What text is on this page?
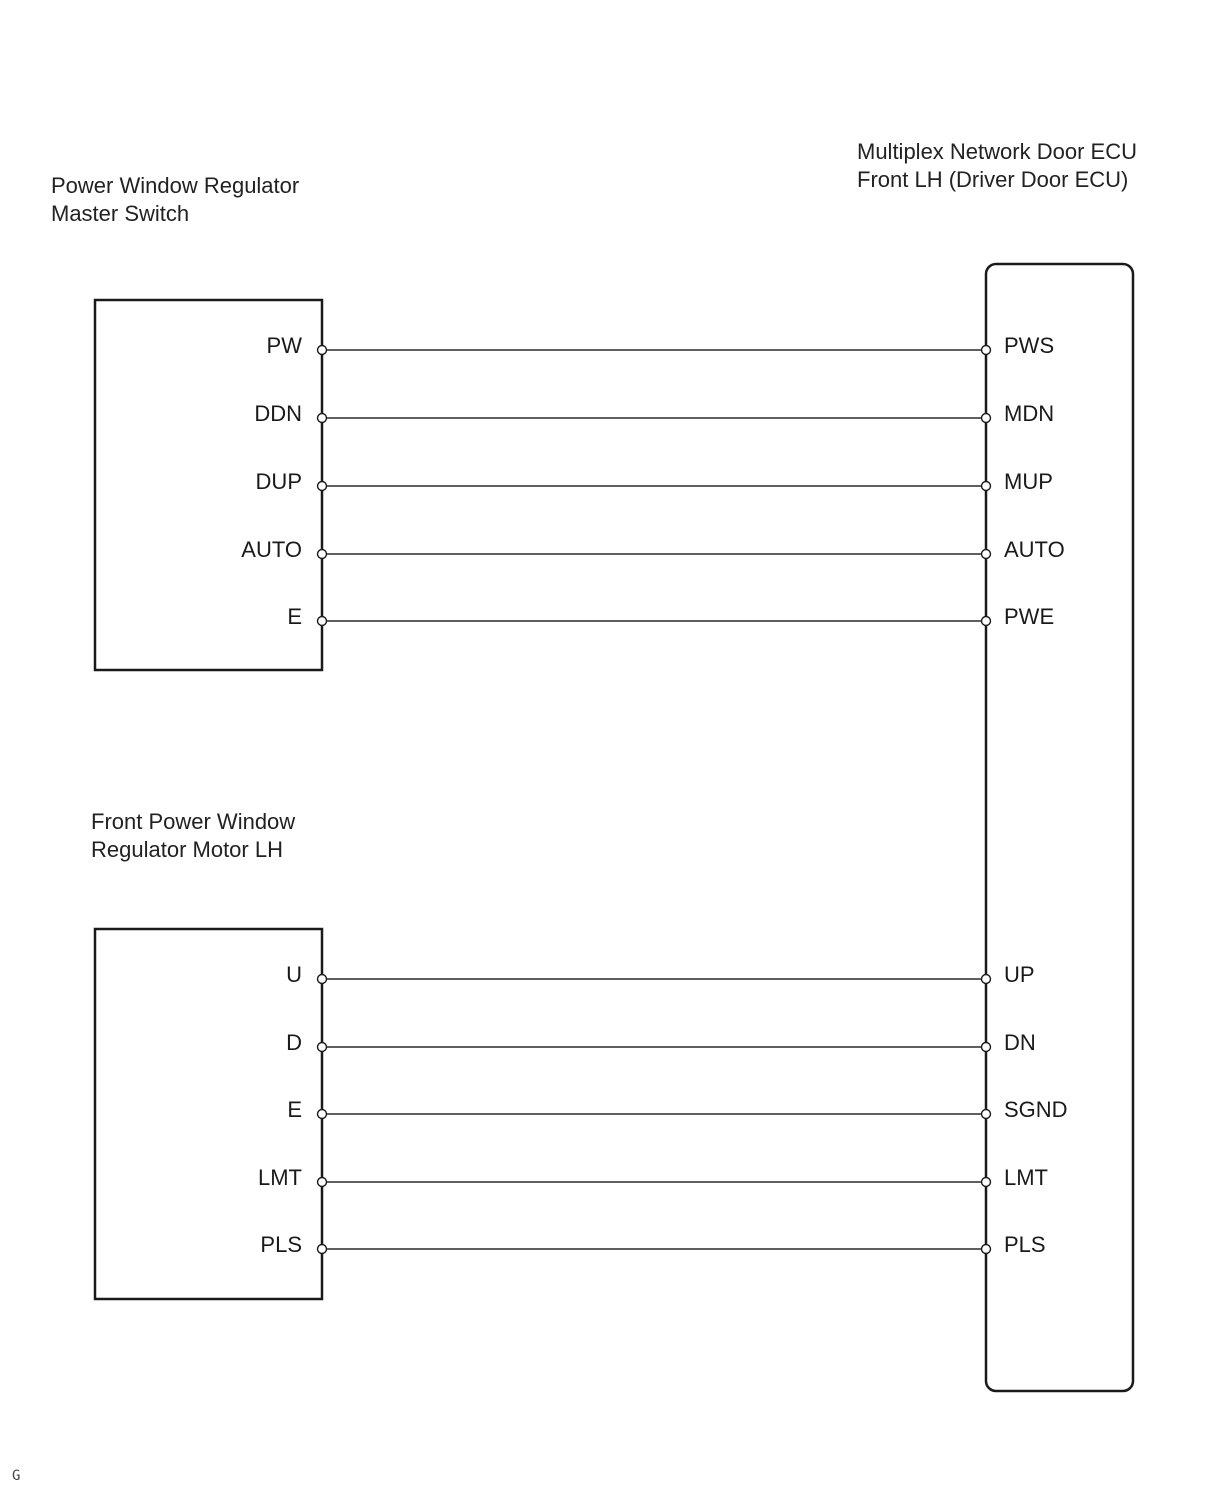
Power Window Regulator
Master Switch
Front Power Window
Regulator Motor LH
Multiplex Network Door ECU
Front LH (Driver Door ECU)
PW
DDN
DUP
AUTO
E
PWS
MDN
MUP
AUTO
PWE
U
D
E
LMT
PLS
UP
DN
SGND
LMT
PLS
G
